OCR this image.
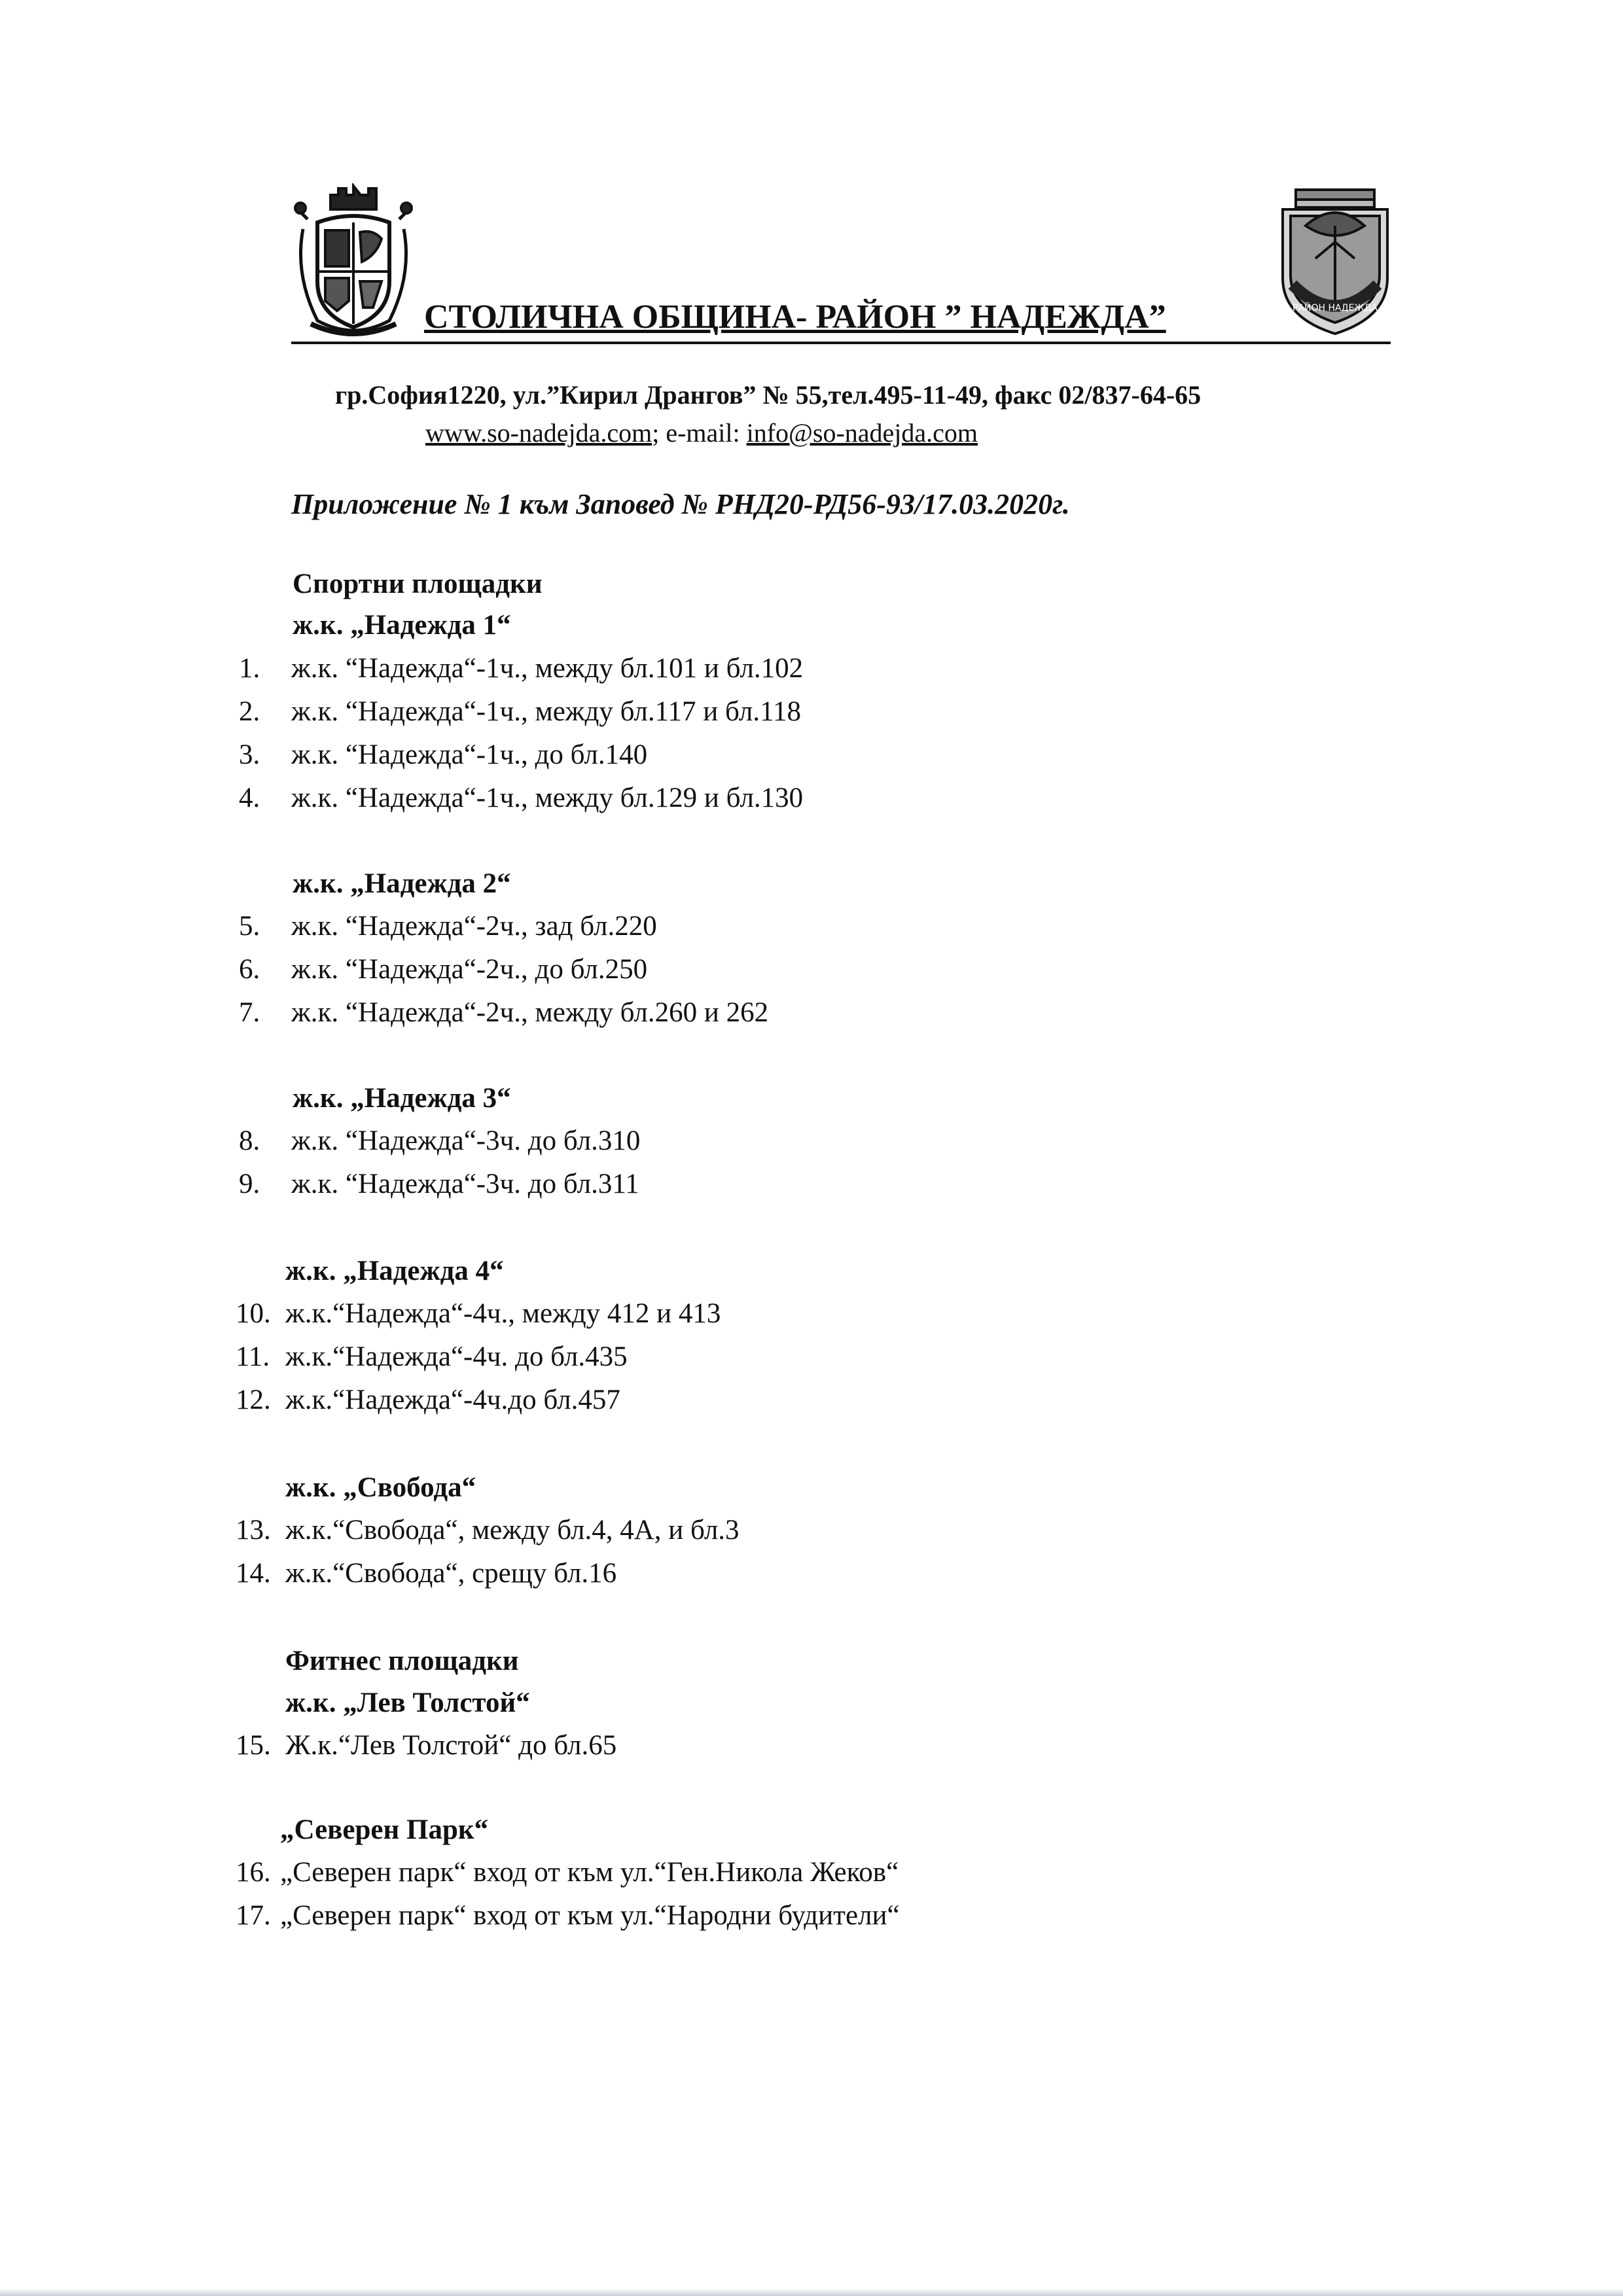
РАЙОН НАДЕЖДА
СТОЛИЧНА ОБЩИНА- РАЙОН ” НАДЕЖДА”
гр.София1220, ул.”Кирил Дрангов” № 55,тел.495-11-49, факс 02/837-64-65
www.so-nadejda.com; e-mail: info@so-nadejda.com
Приложение № 1 към Заповед № РНД20-РД56-93/17.03.2020г.
Спортни площадки
ж.к. „Надежда 1“
ж.к. „Надежда 2“
ж.к. „Надежда 3“
ж.к. „Надежда 4“
ж.к. „Свобода“
Фитнес площадки
ж.к. „Лев Толстой“
„Северен Парк“
1. ж.к. “Надежда“-1ч., между бл.101 и бл.102
2. ж.к. “Надежда“-1ч., между бл.117 и бл.118
3. ж.к. “Надежда“-1ч., до бл.140
4. ж.к. “Надежда“-1ч., между бл.129 и бл.130
5. ж.к. “Надежда“-2ч., зад бл.220
6. ж.к. “Надежда“-2ч., до бл.250
7. ж.к. “Надежда“-2ч., между бл.260 и 262
8. ж.к. “Надежда“-3ч. до бл.310
9. ж.к. “Надежда“-3ч. до бл.311
10. ж.к.“Надежда“-4ч., между 412 и 413
11. ж.к.“Надежда“-4ч. до бл.435
12. ж.к.“Надежда“-4ч.до бл.457
13. ж.к.“Свобода“, между бл.4, 4А, и бл.3
14. ж.к.“Свобода“, срещу бл.16
15. Ж.к.“Лев Толстой“ до бл.65
16. „Северен парк“ вход от към ул.“Ген.Никола Жеков“
17. „Северен парк“ вход от към ул.“Народни будители“
